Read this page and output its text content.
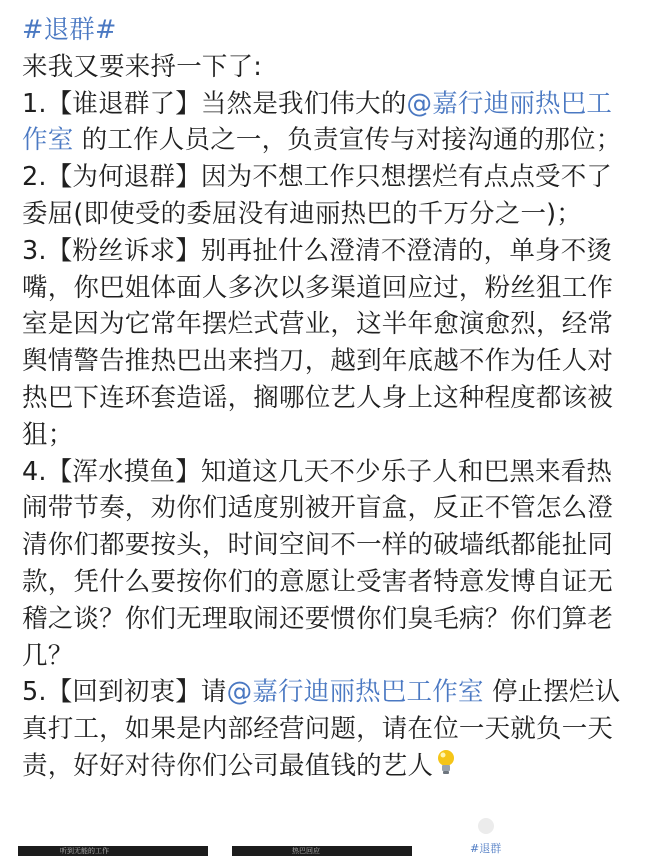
#退群#
来我又要来捋一下了:
1.【谁退群了】当然是我们伟大的@嘉行迪丽热巴工
作室 的工作人员之一，负责宣传与对接沟通的那位；
2.【为何退群】因为不想工作只想摆烂有点点受不了
委屈(即使受的委屈没有迪丽热巴的千万分之一)；
3.【粉丝诉求】别再扯什么澄清不澄清的，单身不烫
嘴，你巴姐体面人多次以多渠道回应过，粉丝狙工作
室是因为它常年摆烂式营业，这半年愈演愈烈，经常
舆情警告推热巴出来挡刀，越到年底越不作为任人对
热巴下连环套造谣，搁哪位艺人身上这种程度都该被
狙；
4.【浑水摸鱼】知道这几天不少乐子人和巴黑来看热
闹带节奏，劝你们适度别被开盲盒，反正不管怎么澄
清你们都要按头，时间空间不一样的破墙纸都能扯同
款，凭什么要按你们的意愿让受害者特意发博自证无
稽之谈？你们无理取闹还要惯你们臭毛病？你们算老
几？
5.【回到初衷】请@嘉行迪丽热巴工作室 停止摆烂认
真打工，如果是内部经营问题，请在位一天就负一天
责，好好对待你们公司最值钱的艺人
听到无能的工作	热巴回应	#退群
